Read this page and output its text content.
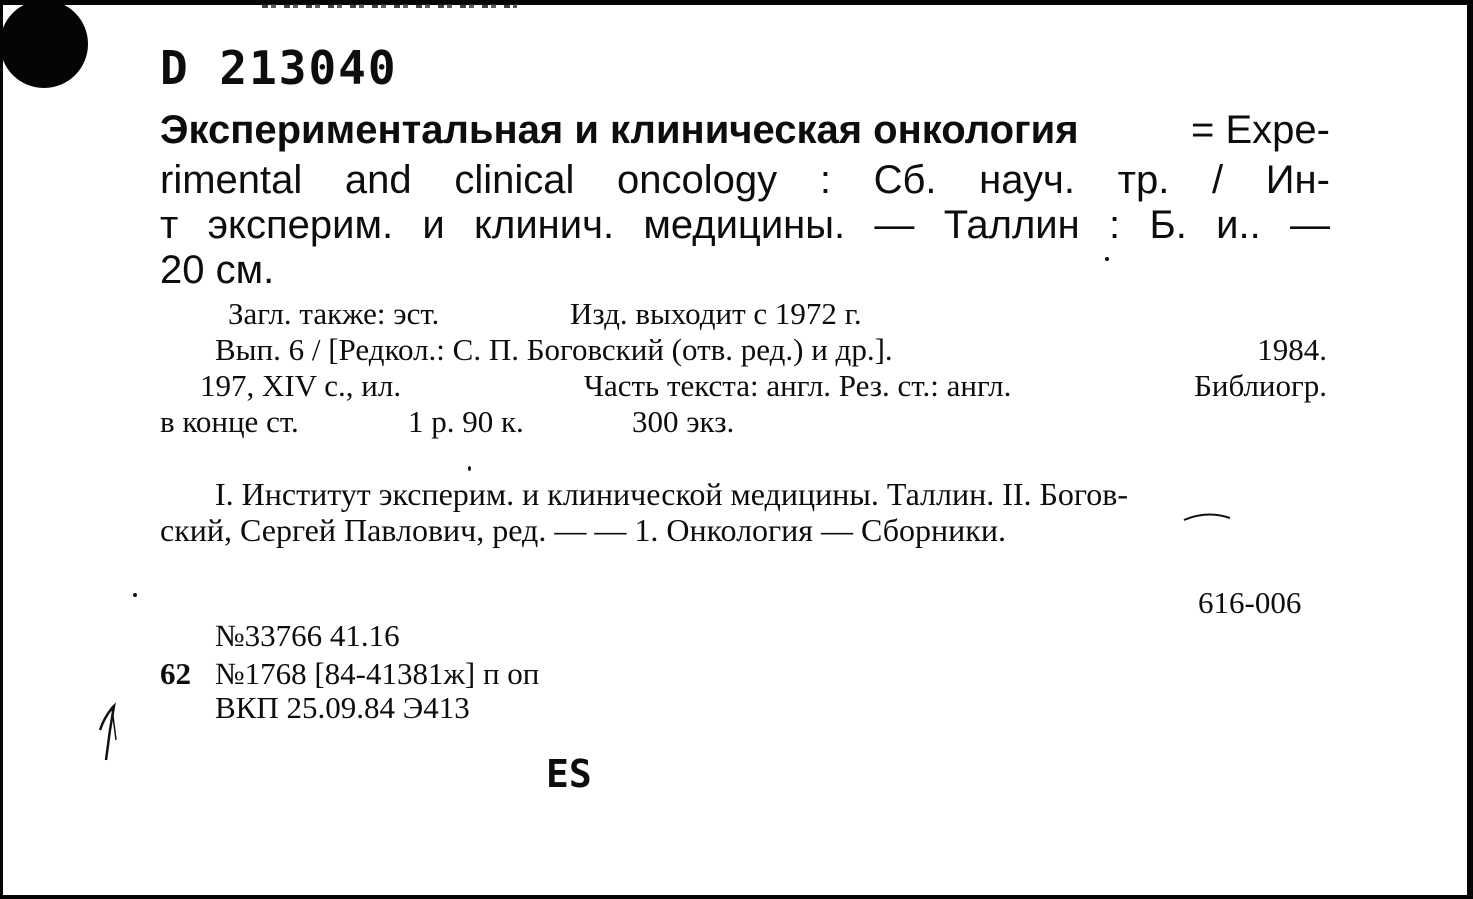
D 213040
Экспериментальная и клиническая онкология	= Expe-
rimental and clinical oncology : Сб. науч. тр. / Ин-
т эксперим. и клинич. медицины. — Таллин : Б. и.. —
20 см.
Загл. также: эст.	Изд. выходит с 1972 г.
Вып. 6 / [Редкол.: С. П. Боговский (отв. ред.) и др.].	1984.
197, XIV с., ил.	Часть текста: англ. Рез. ст.: англ.	Библиогр.
в конце ст.	1 р. 90 к.	300 экз.
I. Институт эксперим. и клинической медицины. Таллин. II. Богов-
ский, Сергей Павлович, ред. — — 1. Онкология — Сборники.
616-006
№33766 41.16
62 №1768 [84-41381ж] п оп
ВКП 25.09.84 Э413
ES
